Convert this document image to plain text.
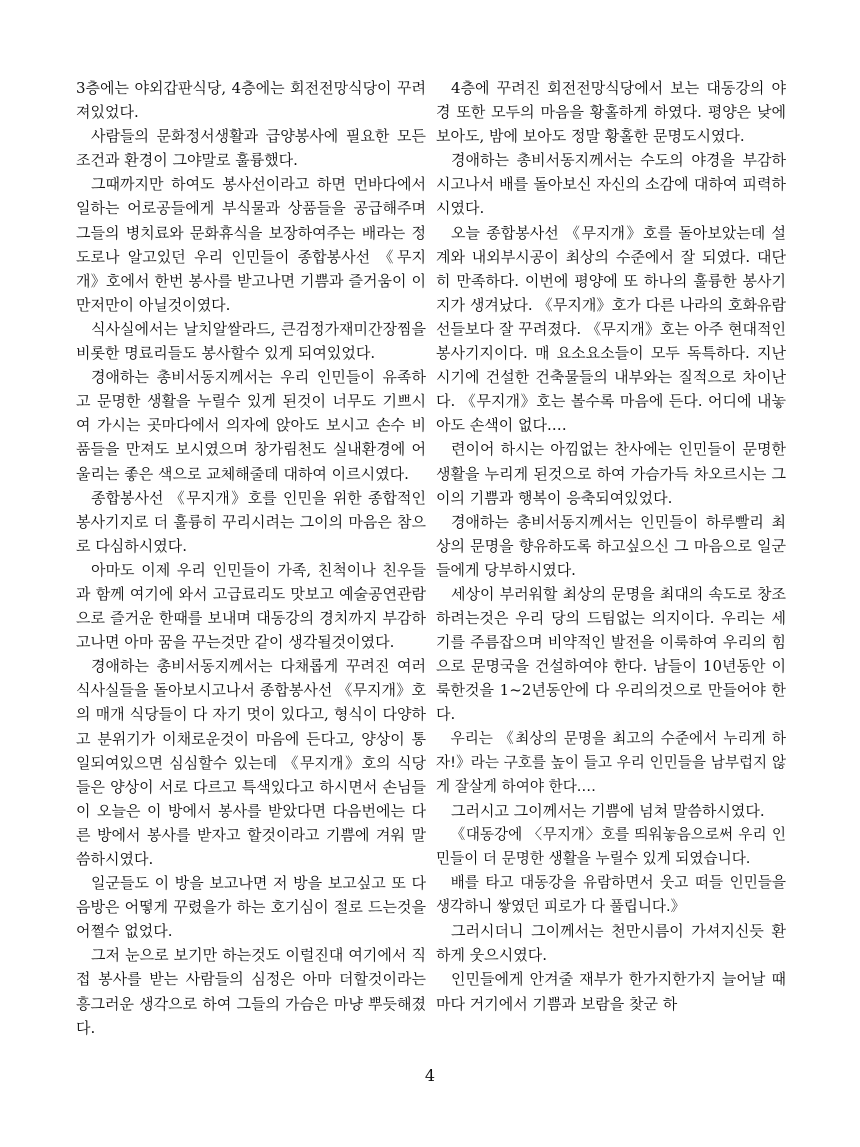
3층에는 야외갑판식당, 4층에는 회전전망식당이 꾸려져있었다.

사람들의 문화정서생활과 급양봉사에 필요한 모든 조건과 환경이 그야말로 훌륭했다.

그때까지만 하여도 봉사선이라고 하면 먼바다에서 일하는 어로공들에게 부식물과 상품들을 공급해주며 그들의 병치료와 문화휴식을 보장하여주는 배라는 정도로나 알고있던 우리 인민들이 종합봉사선 《무지개》호에서 한번 봉사를 받고나면 기쁨과 즐거움이 이만저만이 아닐것이였다.

식사실에서는 날치알쌀라드, 큰검정가재미간장찜을 비롯한 명료리들도 봉사할수 있게 되여있었다.

경애하는 총비서동지께서는 우리 인민들이 유족하고 문명한 생활을 누릴수 있게 된것이 너무도 기쁘시여 가시는 곳마다에서 의자에 앉아도 보시고 손수 비품들을 만져도 보시였으며 창가림천도 실내환경에 어울리는 좋은 색으로 교체해줄데 대하여 이르시였다.

종합봉사선 《무지개》호를 인민을 위한 종합적인 봉사기지로 더 훌륭히 꾸리시려는 그이의 마음은 참으로 다심하시였다.

아마도 이제 우리 인민들이 가족, 친척이나 친우들과 함께 여기에 와서 고급료리도 맛보고 예술공연관람으로 즐거운 한때를 보내며 대동강의 경치까지 부감하고나면 아마 꿈을 꾸는것만 같이 생각될것이였다.

경애하는 총비서동지께서는 다채롭게 꾸려진 여러 식사실들을 돌아보시고나서 종합봉사선 《무지개》호의 매개 식당들이 다 자기 멋이 있다고, 형식이 다양하고 분위기가 이채로운것이 마음에 든다고, 양상이 통일되여있으면 심심할수 있는데 《무지개》호의 식당들은 양상이 서로 다르고 특색있다고 하시면서 손님들이 오늘은 이 방에서 봉사를 받았다면 다음번에는 다른 방에서 봉사를 받자고 할것이라고 기쁨에 겨워 말씀하시였다.

일군들도 이 방을 보고나면 저 방을 보고싶고 또 다음방은 어떻게 꾸렸을가 하는 호기심이 절로 드는것을 어쩔수 없었다.

그저 눈으로 보기만 하는것도 이럴진대 여기에서 직접 봉사를 받는 사람들의 심정은 아마 더할것이라는 흥그러운 생각으로 하여 그들의 가슴은 마냥 뿌듯해졌다.

4층에 꾸려진 회전전망식당에서 보는 대동강의 야경 또한 모두의 마음을 황홀하게 하였다. 평양은 낮에 보아도, 밤에 보아도 정말 황홀한 문명도시였다.

경애하는 총비서동지께서는 수도의 야경을 부감하시고나서 배를 돌아보신 자신의 소감에 대하여 피력하시였다.

오늘 종합봉사선 《무지개》호를 돌아보았는데 설계와 내외부시공이 최상의 수준에서 잘 되였다. 대단히 만족하다. 이번에 평양에 또 하나의 훌륭한 봉사기지가 생겨났다. 《무지개》호가 다른 나라의 호화유람선들보다 잘 꾸려졌다. 《무지개》호는 아주 현대적인 봉사기지이다. 매 요소요소들이 모두 독특하다. 지난 시기에 건설한 건축물들의 내부와는 질적으로 차이난다. 《무지개》호는 볼수록 마음에 든다. 어디에 내놓아도 손색이 없다.…

련이어 하시는 아낌없는 찬사에는 인민들이 문명한 생활을 누리게 된것으로 하여 가슴가득 차오르시는 그이의 기쁨과 행복이 응축되여있었다.

경애하는 총비서동지께서는 인민들이 하루빨리 최상의 문명을 향유하도록 하고싶으신 그 마음으로 일군들에게 당부하시였다.

세상이 부러워할 최상의 문명을 최대의 속도로 창조하려는것은 우리 당의 드팀없는 의지이다. 우리는 세기를 주름잡으며 비약적인 발전을 이룩하여 우리의 힘으로 문명국을 건설하여야 한다. 남들이 10년동안 이룩한것을 1~2년동안에 다 우리의것으로 만들어야 한다.

우리는 《최상의 문명을 최고의 수준에서 누리게 하자!》라는 구호를 높이 들고 우리 인민들을 남부럽지 않게 잘살게 하여야 한다.…

그러시고 그이께서는 기쁨에 넘쳐 말씀하시였다.

《대동강에 〈무지개〉호를 띄워놓음으로써 우리 인민들이 더 문명한 생활을 누릴수 있게 되였습니다.

배를 타고 대동강을 유람하면서 웃고 떠들 인민들을 생각하니 쌓였던 피로가 다 풀립니다.》

그러시더니 그이께서는 천만시름이 가셔지신듯 환하게 웃으시였다.

인민들에게 안겨줄 재부가 한가지한가지 늘어날 때마다 거기에서 기쁨과 보람을 찾군 하

4
